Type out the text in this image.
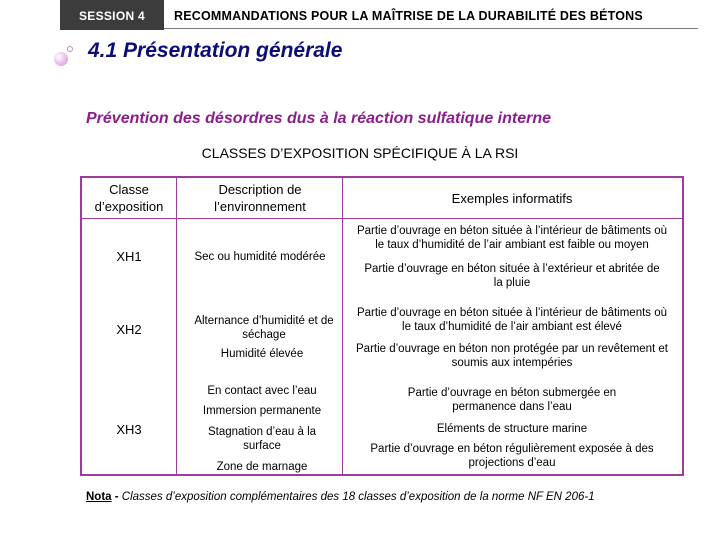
SESSION 4	RECOMMANDATIONS POUR LA MAÎTRISE DE LA DURABILITÉ DES BÉTONS
4.1 Présentation générale
Prévention des désordres dus à la réaction sulfatique interne
CLASSES D’EXPOSITION SPÉCIFIQUE À LA RSI
Classe d’exposition
Description de l’environnement
Exemples informatifs
XH1	Sec ou humidité modérée
Partie d’ouvrage en béton située à l’intérieur de bâtiments où le taux d’humidité de l’air ambiant est faible ou moyen
Partie d’ouvrage en béton située à l’extérieur et abritée de la pluie
XH2
Alternance d’humidité et de séchage
Humidité élevée
Partie d’ouvrage en béton située à l’intérieur de bâtiments où le taux d’humidité de l’air ambiant est élevé
Partie d’ouvrage en béton non protégée par un revêtement et soumis aux intempéries
XH3
En contact avec l’eau
Immersion permanente
Stagnation d’eau à la surface
Zone de marnage
Partie d’ouvrage en béton submergée en permanence dans l’eau
Eléments de structure marine
Partie d’ouvrage en béton régulièrement exposée à des projections d’eau
Nota - Classes d’exposition complémentaires des 18 classes d’exposition de la norme NF EN 206-1
